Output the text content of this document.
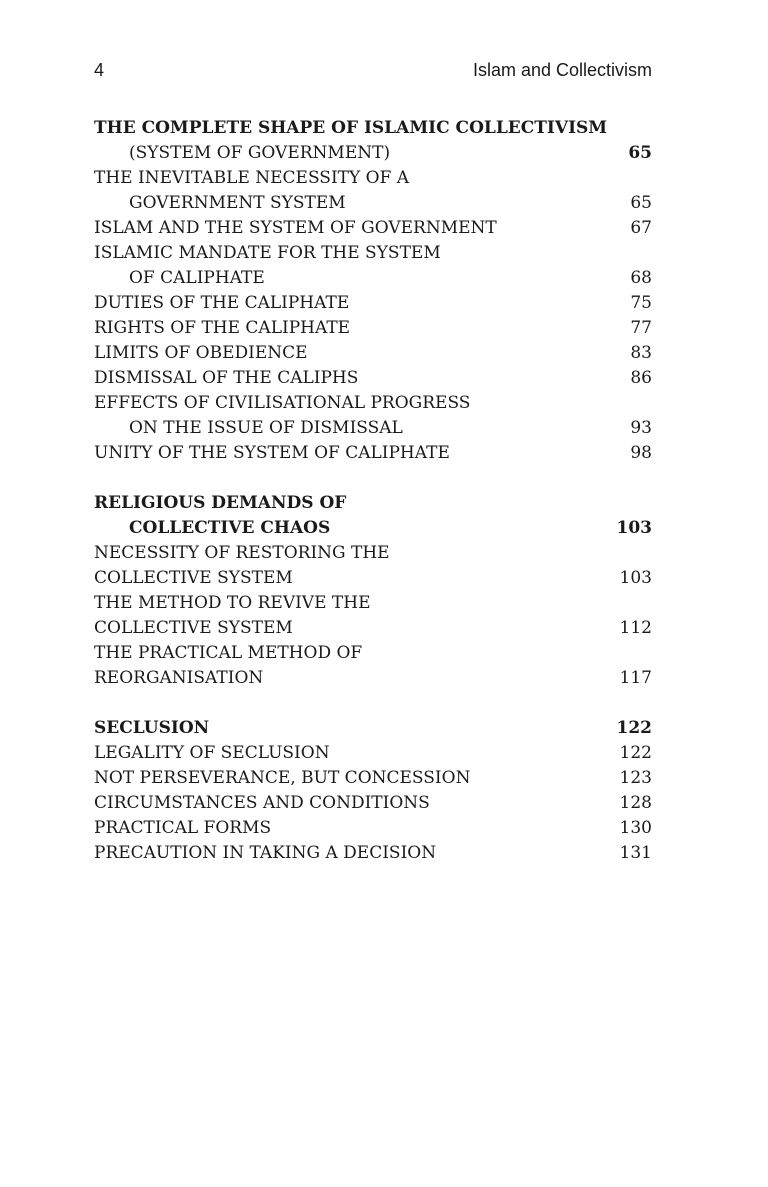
4	Islam and Collectivism
THE COMPLETE SHAPE OF ISLAMIC COLLECTIVISM
(SYSTEM OF GOVERNMENT)	65
THE INEVITABLE NECESSITY OF A
GOVERNMENT SYSTEM	65
ISLAM AND THE SYSTEM OF GOVERNMENT	67
ISLAMIC MANDATE FOR THE SYSTEM
OF CALIPHATE	68
DUTIES OF THE CALIPHATE	75
RIGHTS OF THE CALIPHATE	77
LIMITS OF OBEDIENCE	83
DISMISSAL OF THE CALIPHS	86
EFFECTS OF CIVILISATIONAL PROGRESS
ON THE ISSUE OF DISMISSAL	93
UNITY OF THE SYSTEM OF CALIPHATE	98
RELIGIOUS DEMANDS OF
COLLECTIVE CHAOS	103
NECESSITY OF RESTORING THE
COLLECTIVE SYSTEM	103
THE METHOD TO REVIVE THE
COLLECTIVE SYSTEM	112
THE PRACTICAL METHOD OF
REORGANISATION	117
SECLUSION	122
LEGALITY OF SECLUSION	122
NOT PERSEVERANCE, BUT CONCESSION	123
CIRCUMSTANCES AND CONDITIONS	128
PRACTICAL FORMS	130
PRECAUTION IN TAKING A DECISION	131
